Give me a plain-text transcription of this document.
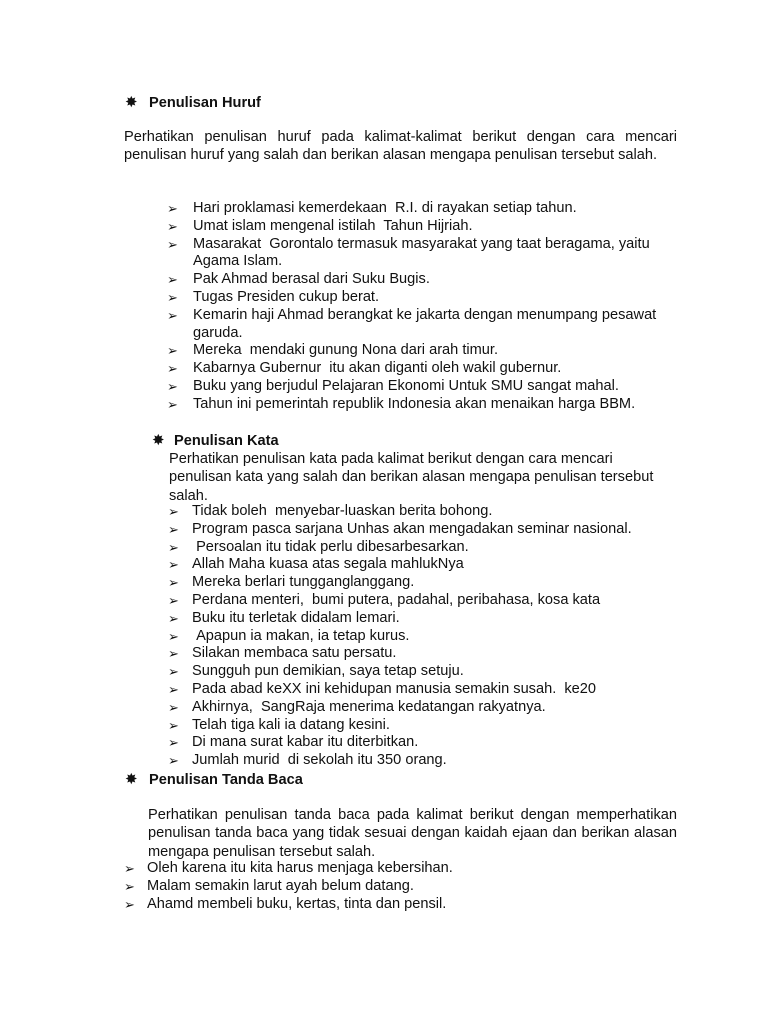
✸ Penulisan Huruf
Perhatikan penulisan huruf pada kalimat-kalimat berikut dengan cara mencari penulisan huruf yang salah dan berikan alasan mengapa penulisan tersebut salah.
➢ Hari proklamasi kemerdekaan  R.I. di rayakan setiap tahun.
➢ Umat islam mengenal istilah  Tahun Hijriah.
➢ Masarakat  Gorontalo termasuk masyarakat yang taat beragama, yaitu Agama Islam.
➢ Pak Ahmad berasal dari Suku Bugis.
➢ Tugas Presiden cukup berat.
➢ Kemarin haji Ahmad berangkat ke jakarta dengan menumpang pesawat garuda.
➢ Mereka  mendaki gunung Nona dari arah timur.
➢ Kabarnya Gubernur  itu akan diganti oleh wakil gubernur.
➢ Buku yang berjudul Pelajaran Ekonomi Untuk SMU sangat mahal.
➢ Tahun ini pemerintah republik Indonesia akan menaikan harga BBM.
✸ Penulisan Kata
Perhatikan penulisan kata pada kalimat berikut dengan cara mencari penulisan kata yang salah dan berikan alasan mengapa penulisan tersebut salah.
➢ Tidak boleh  menyebar-luaskan berita bohong.
➢ Program pasca sarjana Unhas akan mengadakan seminar nasional.
➢ Persoalan itu tidak perlu dibesarbesarkan.
➢ Allah Maha kuasa atas segala mahlukNya
➢ Mereka berlari tungganglanggang.
➢ Perdana menteri,  bumi putera, padahal, peribahasa, kosa kata
➢ Buku itu terletak didalam lemari.
➢ Apapun ia makan, ia tetap kurus.
➢ Silakan membaca satu persatu.
➢ Sungguh pun demikian, saya tetap setuju.
➢ Pada abad keXX ini kehidupan manusia semakin susah.  ke20
➢ Akhirnya,  SangRaja menerima kedatangan rakyatnya.
➢ Telah tiga kali ia datang kesini.
➢ Di mana surat kabar itu diterbitkan.
➢ Jumlah murid  di sekolah itu 350 orang.
✸ Penulisan Tanda Baca
Perhatikan penulisan tanda baca pada kalimat berikut dengan memperhatikan penulisan tanda baca yang tidak sesuai dengan kaidah ejaan dan berikan alasan mengapa penulisan tersebut salah.
➢ Oleh karena itu kita harus menjaga kebersihan.
➢ Malam semakin larut ayah belum datang.
➢ Ahamd membeli buku, kertas, tinta dan pensil.
